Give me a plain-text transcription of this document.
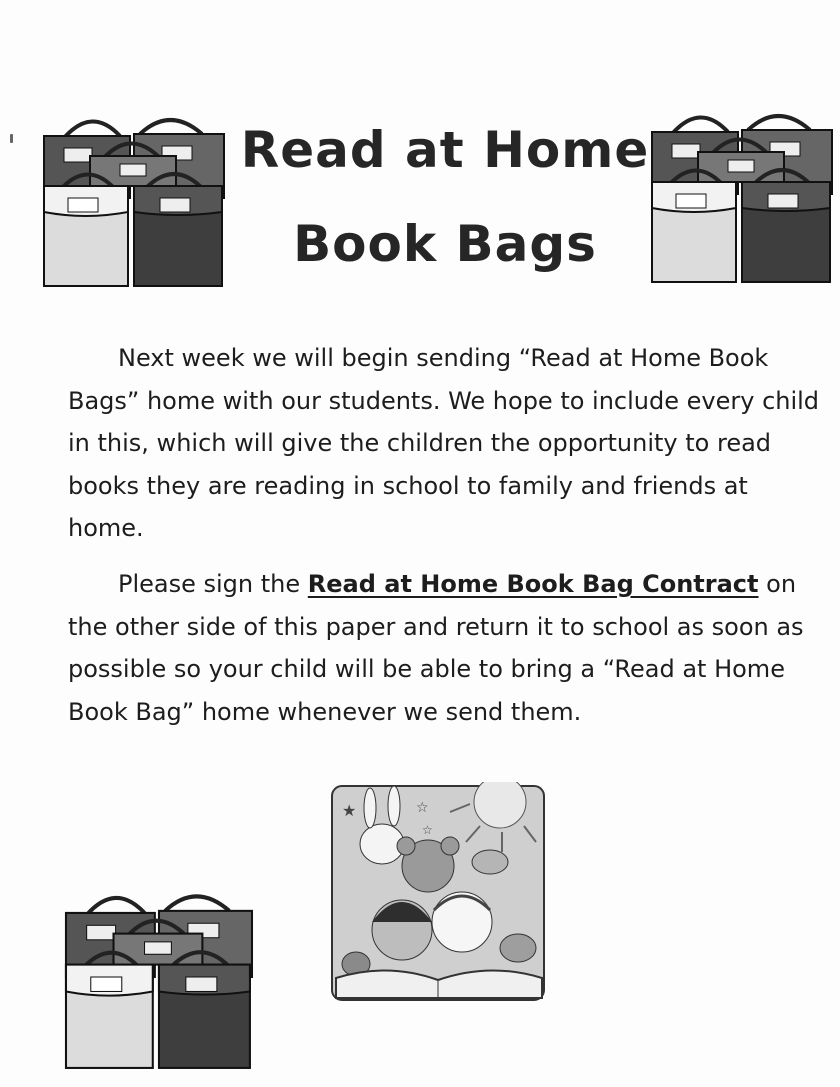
Read at Home
Book Bags
Next week we will begin sending “Read at Home Book Bags” home with our students. We hope to include every child in this, which will give the children the opportunity to read books they are reading in school to family and friends at home.
Please sign the Read at Home Book Bag Contract on the other side of this paper and return it to school as soon as possible so your child will be able to bring a “Read at Home Book Bag” home whenever we send them.
★	☆
☆
